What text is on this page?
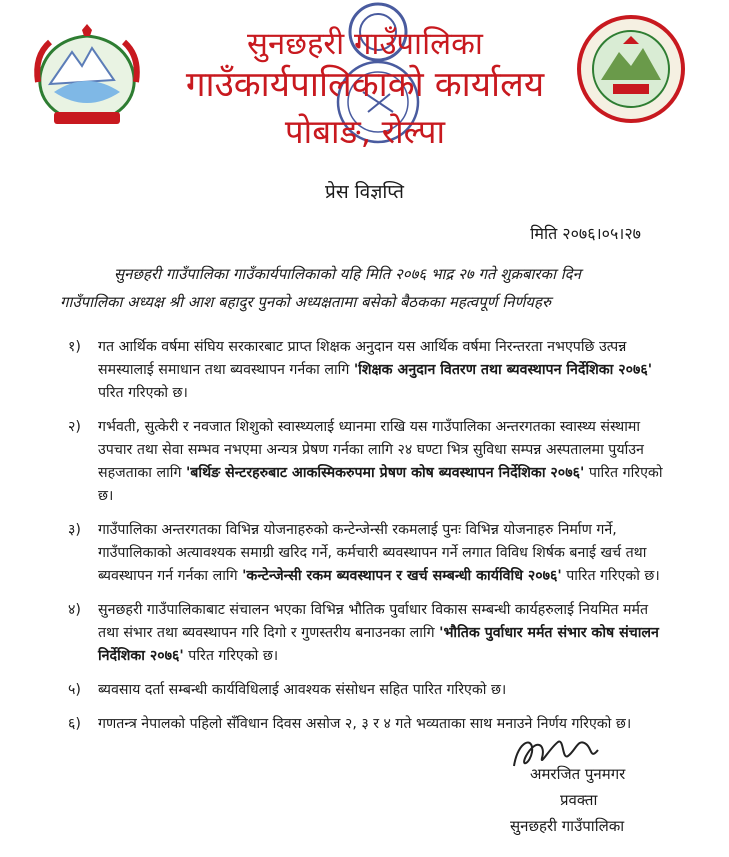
सुनछहरी गाउँपालिका
गाउँकार्यपालिकाको कार्यालय
पोबाङ, रोल्पा
प्रेस विज्ञप्ति
मिति २०७६।०५।२७
सुनछहरी गाउँपालिका गाउँकार्यपालिकाको यहि मिति २०७६ भाद्र २७ गते शुक्रबारका दिन
गाउँपालिका अध्यक्ष श्री आश बहादुर पुनको अध्यक्षतामा बसेको बैठकका महत्वपूर्ण निर्णयहरु
१)	गत आर्थिक वर्षमा संघिय सरकारबाट प्राप्त शिक्षक अनुदान यस आर्थिक वर्षमा निरन्तरता नभएपछि उत्पन्न समस्यालाई समाधान तथा ब्यवस्थापन गर्नका लागि 'शिक्षक अनुदान वितरण तथा ब्यवस्थापन निर्देशिका २०७६' परित गरिएको छ।
२)	गर्भवती, सुत्केरी र नवजात शिशुको स्वास्थ्यलाई ध्यानमा राखि यस गाउँपालिका अन्तरगतका स्वास्थ्य संस्थामा उपचार तथा सेवा सम्भव नभएमा अन्यत्र प्रेषण गर्नका लागि २४ घण्टा भित्र सुविधा सम्पन्न अस्पतालमा पुर्याउन सहजताका लागि 'बर्थिङ सेन्टरहरुबाट आकस्मिकरुपमा प्रेषण कोष ब्यवस्थापन निर्देशिका २०७६' पारित गरिएको छ।
३)	गाउँपालिका अन्तरगतका विभिन्न योजनाहरुको कन्टेन्जेन्सी रकमलाई पुनः विभिन्न योजनाहरु निर्माण गर्ने, गाउँपालिकाको अत्यावश्यक समाग्री खरिद गर्ने, कर्मचारी ब्यवस्थापन गर्ने लगात विविध शिर्षक बनाई खर्च तथा ब्यवस्थापन गर्न गर्नका लागि 'कन्टेन्जेन्सी रकम ब्यवस्थापन र खर्च सम्बन्धी कार्यविधि २०७६' पारित गरिएको छ।
४)	सुनछहरी गाउँपालिकाबाट संचालन भएका विभिन्न भौतिक पुर्वाधार विकास सम्बन्धी कार्यहरुलाई नियमित मर्मत तथा संभार तथा ब्यवस्थापन गरि दिगो र गुणस्तरीय बनाउनका लागि 'भौतिक पुर्वाधार मर्मत संभार कोष संचालन निर्देशिका २०७६' परित गरिएको छ।
५)	ब्यवसाय दर्ता सम्बन्धी कार्यविधिलाई आवश्यक संसोधन सहित पारित गरिएको छ।
६)	गणतन्त्र नेपालको पहिलो सँविधान दिवस असोज २, ३ र ४ गते भव्यताका साथ मनाउने निर्णय गरिएको छ।
अमरजित पुनमगर
प्रवक्ता
सुनछहरी गाउँपालिका
